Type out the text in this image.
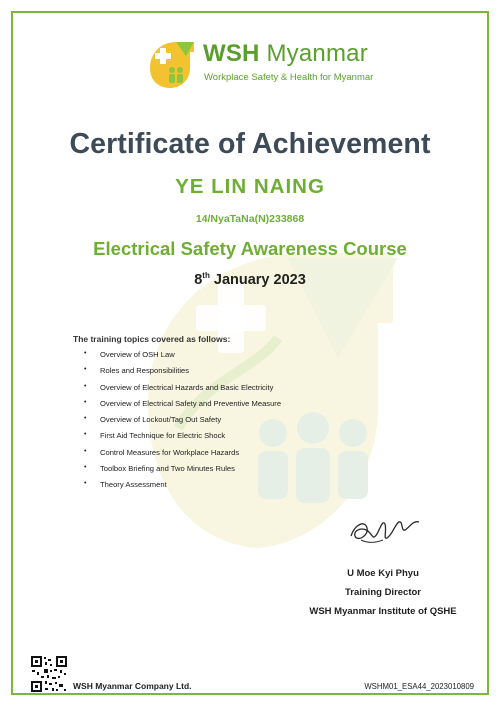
WSH Myanmar
Workplace Safety & Health for Myanmar
Certificate of Achievement
YE LIN NAING
14/NyaTaNa(N)233868
Electrical Safety Awareness Course
8th January 2023
The training topics covered as follows:
•	Overview of OSH Law
•	Roles and Responsibilities
•	Overview of Electrical Hazards and Basic Electricity
•	Overview of Electrical Safety and Preventive Measure
•	Overview of Lockout/Tag Out Safety
•	First Aid Technique for Electric Shock
•	Control Measures for Workplace Hazards
•	Toolbox Briefing and Two Minutes Rules
•	Theory Assessment
U Moe Kyi Phyu
Training Director
WSH Myanmar Institute of QSHE
WSH Myanmar Company Ltd.	WSHM01_ESA44_2023010809
